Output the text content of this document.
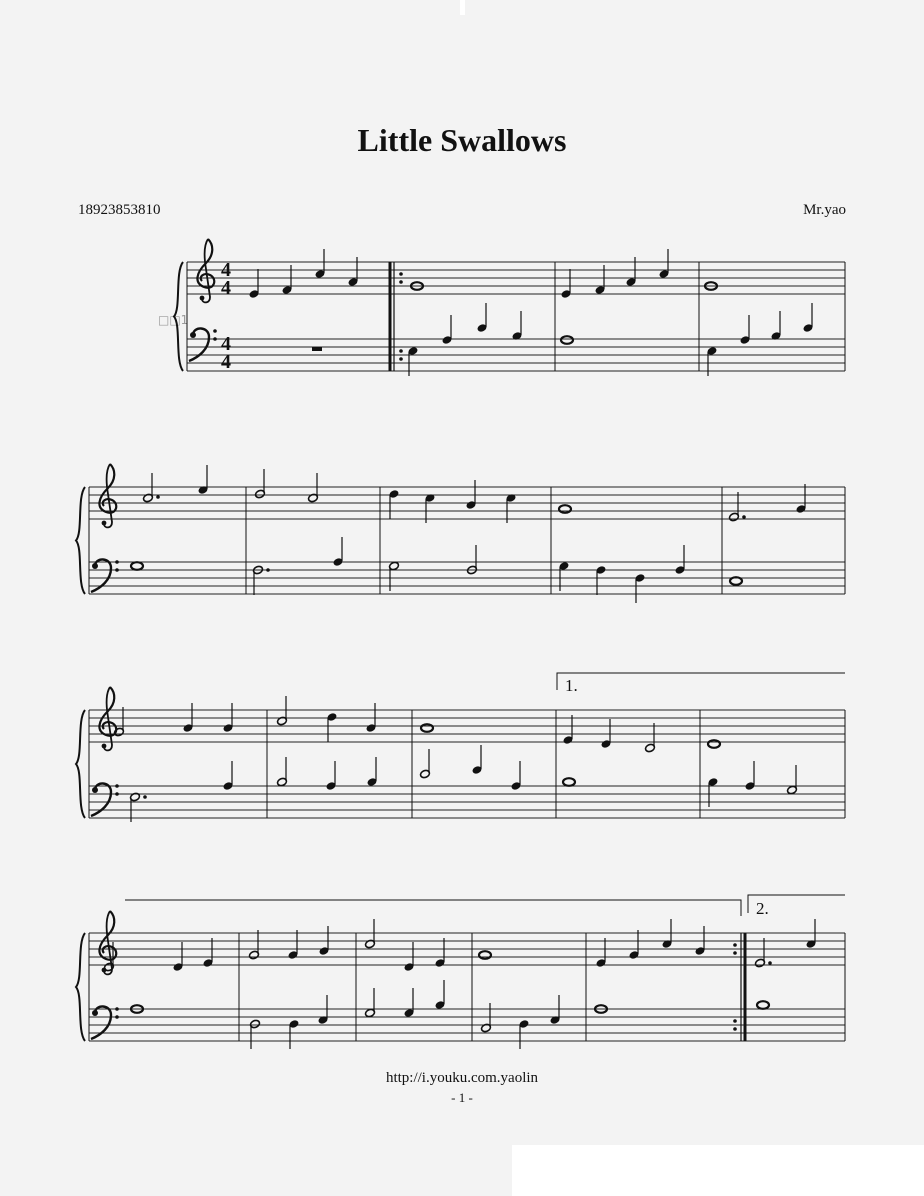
Little Swallows
18923853810	Mr.yao
□□1
4
4
4
4
1.
2.
http://i.youku.com.yaolin
- 1 -
